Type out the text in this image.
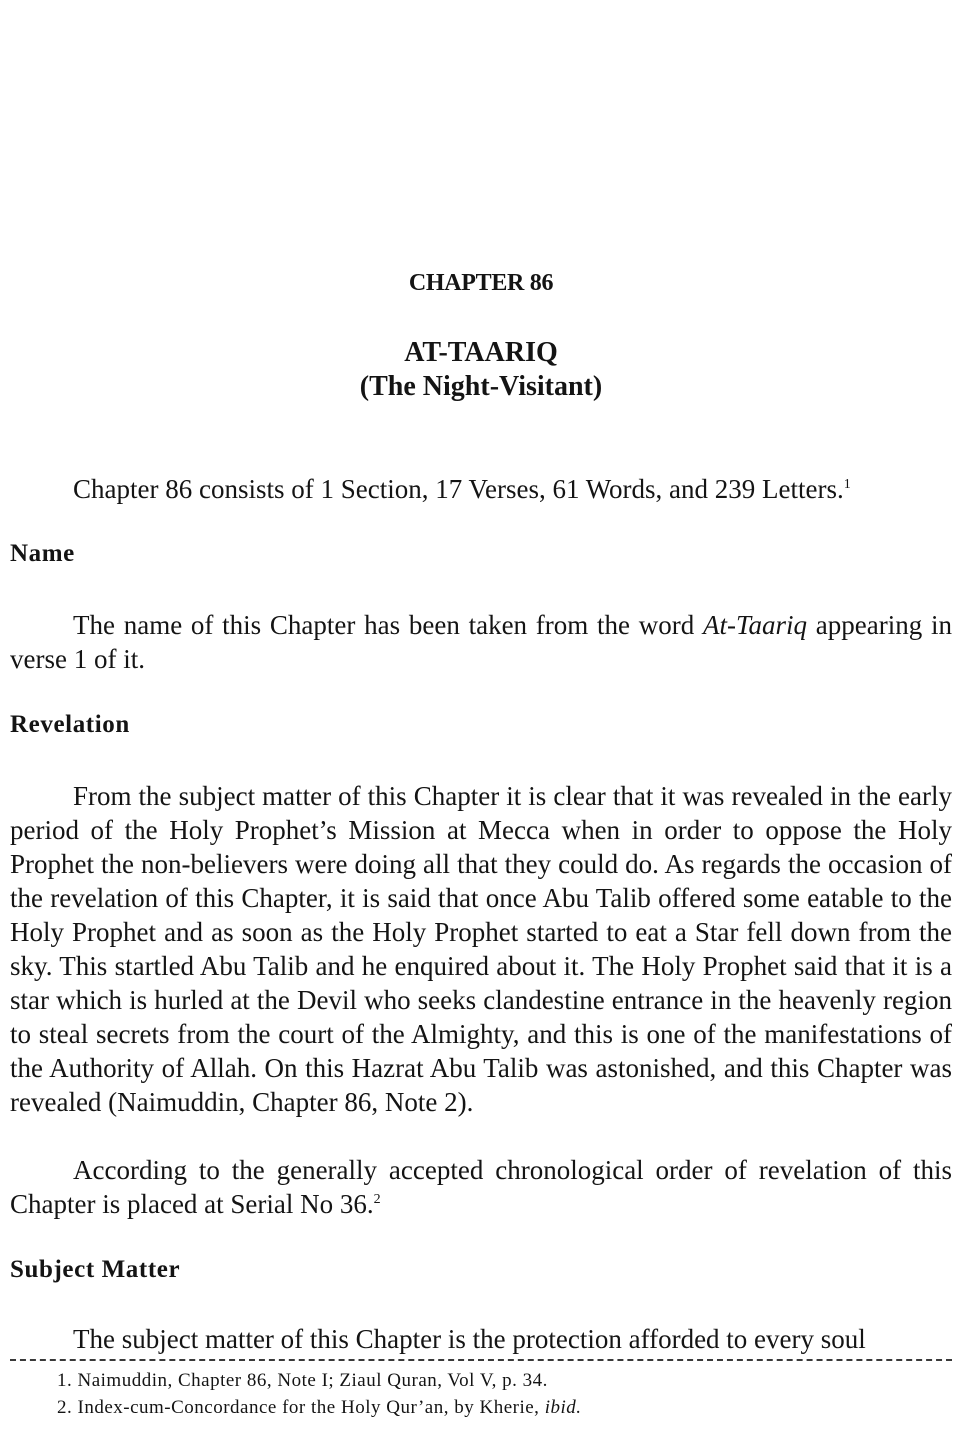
CHAPTER 86
AT-TAARIQ
(The Night-Visitant)

Chapter 86 consists of 1 Section, 17 Verses, 61 Words, and 239 Letters.$^1$

Name

The name of this Chapter has been taken from the word At-Taariq appearing in verse 1 of it.

Revelation

From the subject matter of this Chapter it is clear that it was revealed in the early period of the Holy Prophet’s Mission at Mecca when in order to oppose the Holy Prophet the non-believers were doing all that they could do. As regards the occasion of the revelation of this Chapter, it is said that once Abu Talib offered some eatable to the Holy Prophet and as soon as the Holy Prophet started to eat a Star fell down from the sky. This startled Abu Talib and he enquired about it. The Holy Prophet said that it is a star which is hurled at the Devil who seeks clandestine entrance in the heavenly region to steal secrets from the court of the Almighty, and this is one of the manifestations of the Authority of Allah. On this Hazrat Abu Talib was astonished, and this Chapter was revealed (Naimuddin, Chapter 86, Note 2).

According to the generally accepted chronological order of revelation of this Chapter is placed at Serial No 36.$^2$

Subject Matter

The subject matter of this Chapter is the protection afforded to every soul

1. Naimuddin, Chapter 86, Note I; Ziaul Quran, Vol V, p. 34.

2. Index-cum-Concordance for the Holy Qur’an, by Kherie, ibid.
